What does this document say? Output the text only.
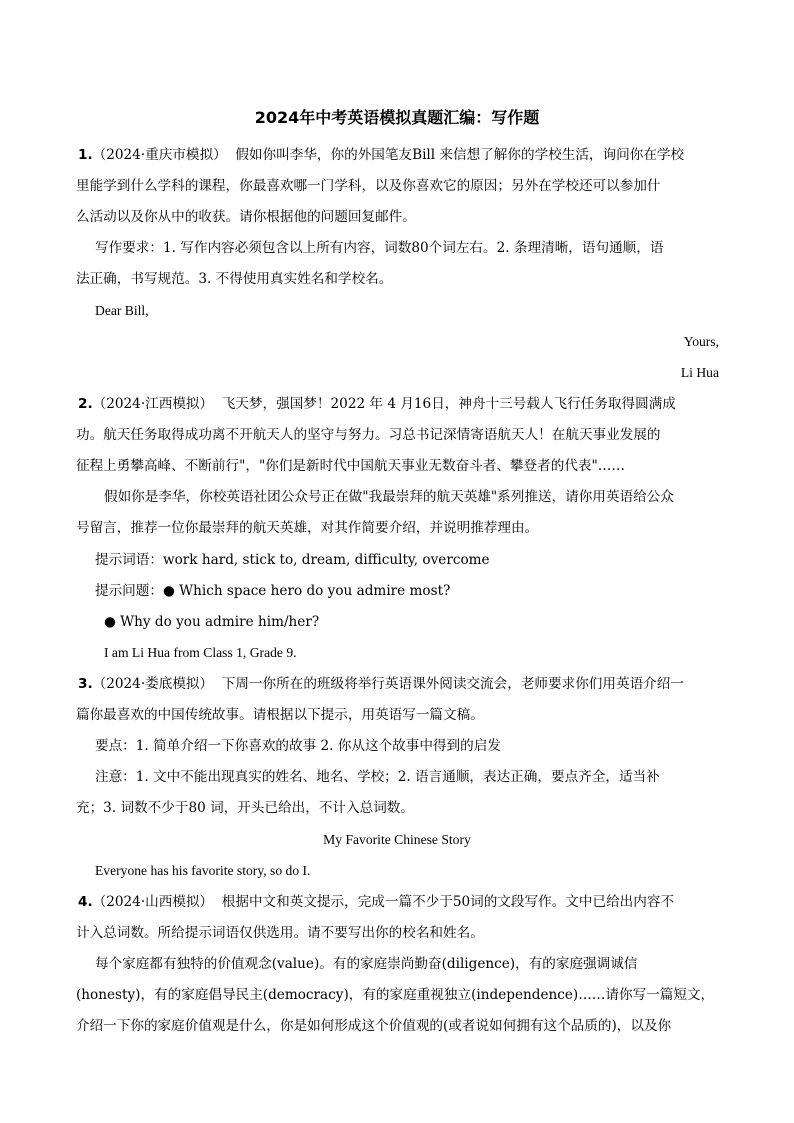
2024年中考英语模拟真题汇编：写作题

1.（2024·重庆市模拟） 假如你叫李华，你的外国笔友Bill 来信想了解你的学校生活，询问你在学校

里能学到什么学科的课程，你最喜欢哪一门学科，以及你喜欢它的原因；另外在学校还可以参加什

么活动以及你从中的收获。请你根据他的问题回复邮件。

写作要求：1. 写作内容必须包含以上所有内容，词数80个词左右。2. 条理清晰，语句通顺，语

法正确，书写规范。3. 不得使用真实姓名和学校名。

Dear Bill,

Yours,

Li Hua

2.（2024·江西模拟） 飞天梦，强国梦！2022 年 4 月16日，神舟十三号载人飞行任务取得圆满成

功。航天任务取得成功离不开航天人的坚守与努力。习总书记深情寄语航天人！在航天事业发展的

征程上勇攀高峰、不断前行"，"你们是新时代中国航天事业无数奋斗者、攀登者的代表"……

假如你是李华，你校英语社团公众号正在做"我最崇拜的航天英雄"系列推送，请你用英语给公众

号留言，推荐一位你最崇拜的航天英雄，对其作简要介绍，并说明推荐理由。

提示词语：work hard, stick to, dream, difficulty, overcome

提示问题：● Which space hero do you admire most?

● Why do you admire him/her?

I am Li Hua from Class 1, Grade 9.

3.（2024·娄底模拟） 下周一你所在的班级将举行英语课外阅读交流会，老师要求你们用英语介绍一

篇你最喜欢的中国传统故事。请根据以下提示，用英语写一篇文稿。

要点：1. 简单介绍一下你喜欢的故事 2. 你从这个故事中得到的启发

注意：1. 文中不能出现真实的姓名、地名、学校；2. 语言通顺，表达正确，要点齐全，适当补

充；3. 词数不少于80 词，开头已给出，不计入总词数。

My Favorite Chinese Story

Everyone has his favorite story, so do I.

4.（2024·山西模拟） 根据中文和英文提示，完成一篇不少于50词的文段写作。文中已给出内容不

计入总词数。所给提示词语仅供选用。请不要写出你的校名和姓名。

每个家庭都有独特的价值观念(value)。有的家庭崇尚勤奋(diligence)，有的家庭强调诚信

(honesty)，有的家庭倡导民主(democracy)，有的家庭重视独立(independence)……请你写一篇短文，

介绍一下你的家庭价值观是什么，你是如何形成这个价值观的(或者说如何拥有这个品质的)，以及你
